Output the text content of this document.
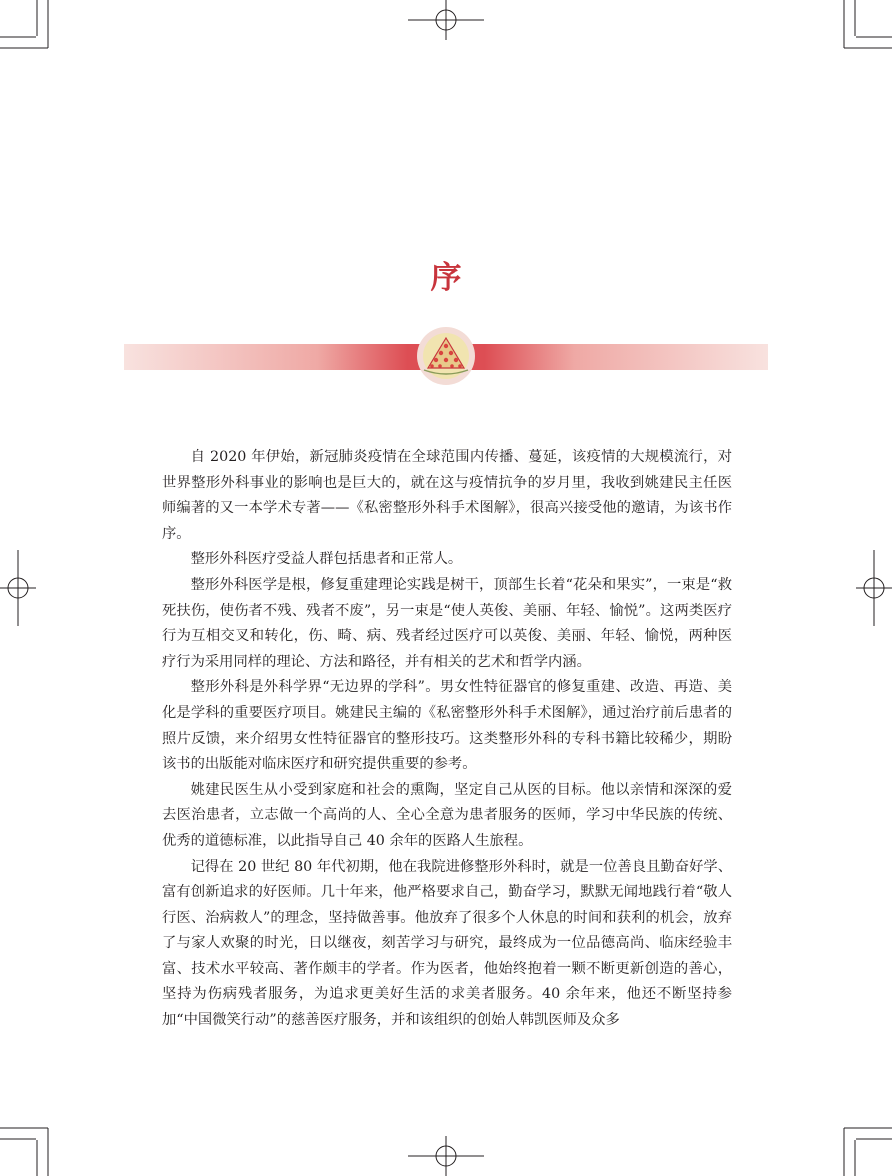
序

自 2020 年伊始，新冠肺炎疫情在全球范围内传播、蔓延，该疫情的大规模流行，对世界整形外科事业的影响也是巨大的，就在这与疫情抗争的岁月里，我收到姚建民主任医师编著的又一本学术专著——《私密整形外科手术图解》，很高兴接受他的邀请，为该书作序。

整形外科医疗受益人群包括患者和正常人。

整形外科医学是根，修复重建理论实践是树干，顶部生长着“花朵和果实”，一束是“救死扶伤，使伤者不残、残者不废”，另一束是“使人英俊、美丽、年轻、愉悦”。这两类医疗行为互相交叉和转化，伤、畸、病、残者经过医疗可以英俊、美丽、年轻、愉悦，两种医疗行为采用同样的理论、方法和路径，并有相关的艺术和哲学内涵。

整形外科是外科学界“无边界的学科”。男女性特征器官的修复重建、改造、再造、美化是学科的重要医疗项目。姚建民主编的《私密整形外科手术图解》，通过治疗前后患者的照片反馈，来介绍男女性特征器官的整形技巧。这类整形外科的专科书籍比较稀少，期盼该书的出版能对临床医疗和研究提供重要的参考。

姚建民医生从小受到家庭和社会的熏陶，坚定自己从医的目标。他以亲情和深深的爱去医治患者，立志做一个高尚的人、全心全意为患者服务的医师，学习中华民族的传统、优秀的道德标准，以此指导自己 40 余年的医路人生旅程。

记得在 20 世纪 80 年代初期，他在我院进修整形外科时，就是一位善良且勤奋好学、富有创新追求的好医师。几十年来，他严格要求自己，勤奋学习，默默无闻地践行着“敬人行医、治病救人”的理念，坚持做善事。他放弃了很多个人休息的时间和获利的机会，放弃了与家人欢聚的时光，日以继夜，刻苦学习与研究，最终成为一位品德高尚、临床经验丰富、技术水平较高、著作颇丰的学者。作为医者，他始终抱着一颗不断更新创造的善心，坚持为伤病残者服务，为追求更美好生活的求美者服务。40 余年来，他还不断坚持参加“中国微笑行动”的慈善医疗服务，并和该组织的创始人韩凯医师及众多
